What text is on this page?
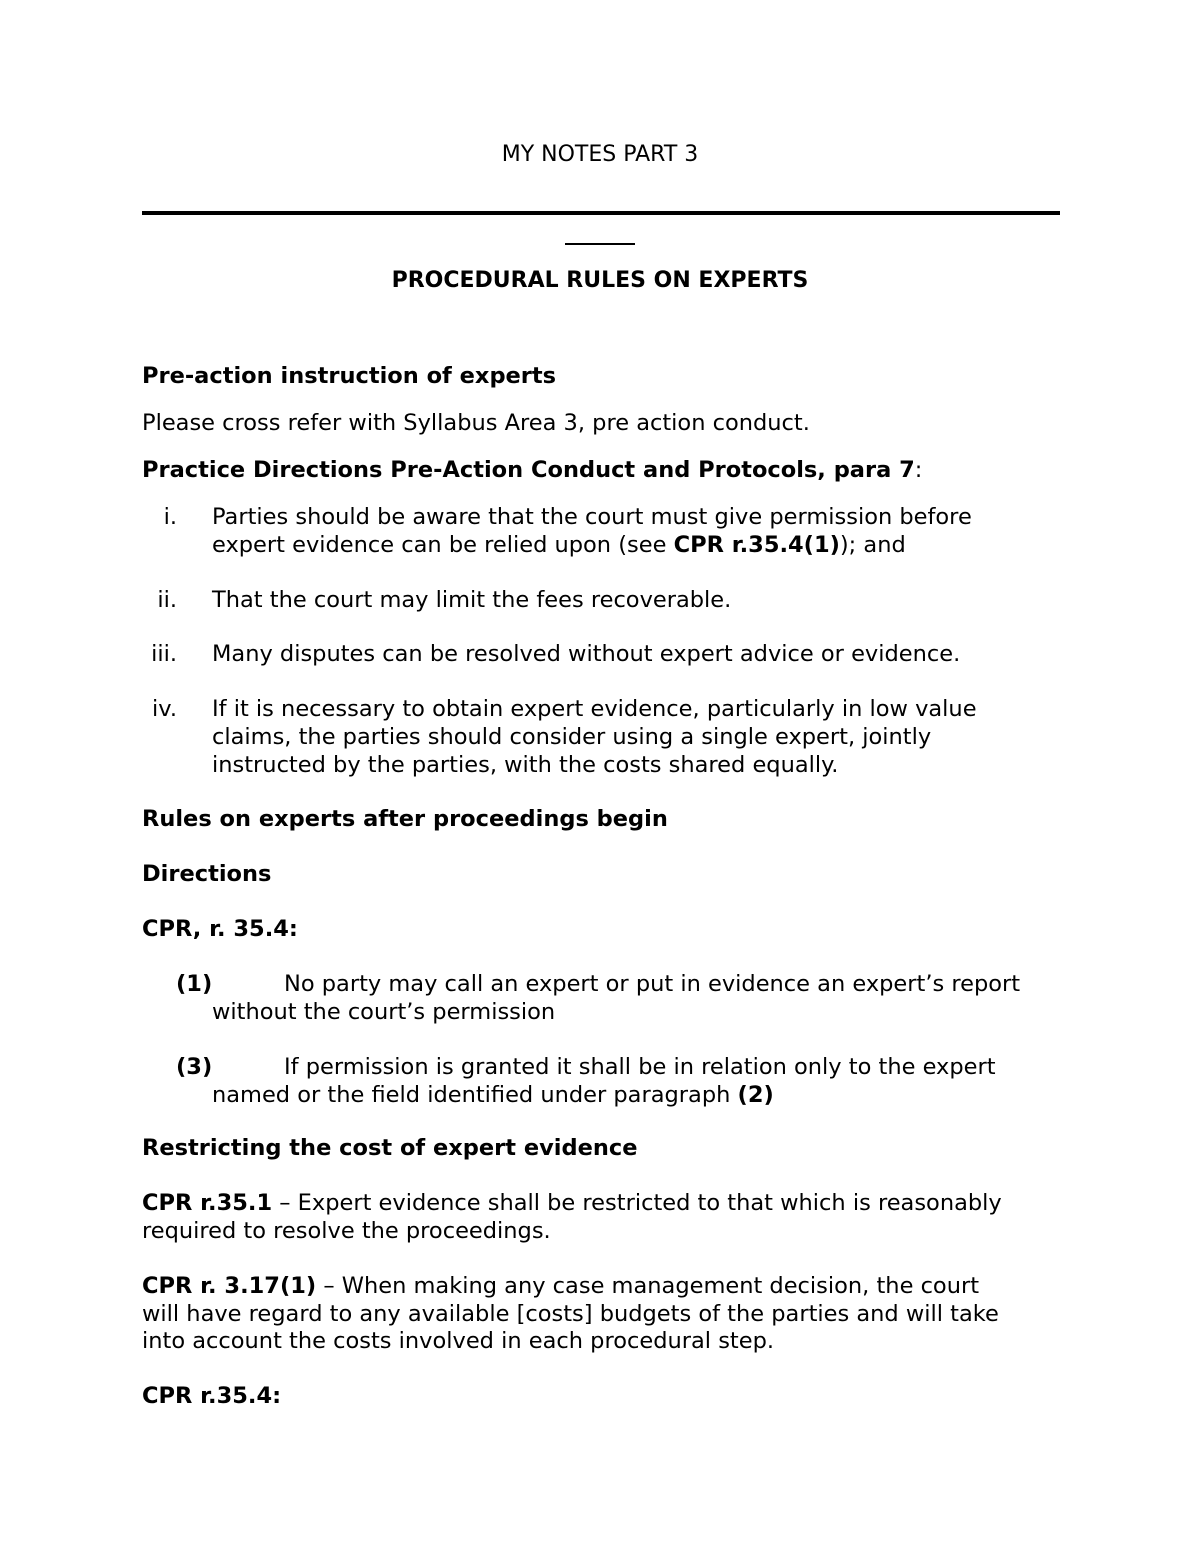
MY NOTES PART 3
PROCEDURAL RULES ON EXPERTS
Pre-action instruction of experts
Please cross refer with Syllabus Area 3, pre action conduct.
Practice Directions Pre-Action Conduct and Protocols, para 7:
i. Parties should be aware that the court must give permission before
expert evidence can be relied upon (see CPR r.35.4(1)); and
ii. That the court may limit the fees recoverable.
iii. Many disputes can be resolved without expert advice or evidence.
iv. If it is necessary to obtain expert evidence, particularly in low value
claims, the parties should consider using a single expert, jointly
instructed by the parties, with the costs shared equally.
Rules on experts after proceedings begin
Directions
CPR, r. 35.4:
(1)	No party may call an expert or put in evidence an expert’s report
without the court’s permission
(3)	If permission is granted it shall be in relation only to the expert
named or the field identified under paragraph (2)
Restricting the cost of expert evidence
CPR r.35.1 – Expert evidence shall be restricted to that which is reasonably
required to resolve the proceedings.
CPR r. 3.17(1) – When making any case management decision, the court
will have regard to any available [costs] budgets of the parties and will take
into account the costs involved in each procedural step.
CPR r.35.4:
